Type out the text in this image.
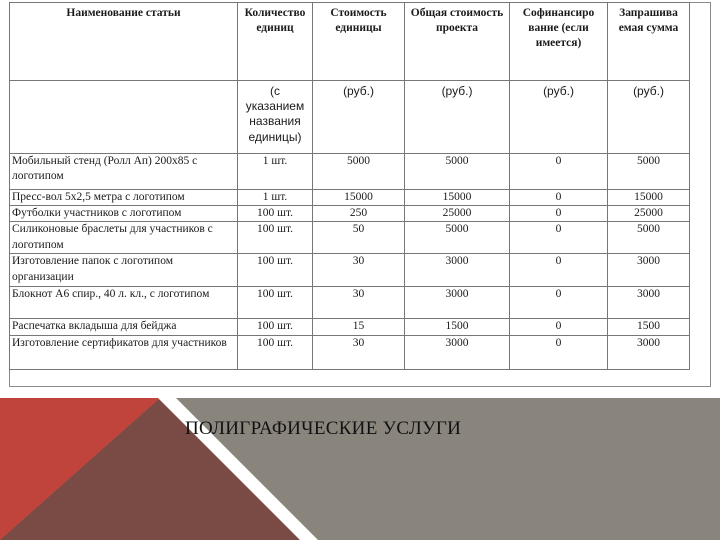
Наименование статьи	Количество единиц	Стоимость единицы	Общая стоимость проекта	Софинансиро вание (если имеется)	Запрашива емая сумма
	(с указанием названия единицы)	(руб.)	(руб.)	(руб.)	(руб.)
Мобильный стенд (Ролл Ап) 200х85 с логотипом	1 шт.	5000	5000	0	5000
Пресс-вол 5х2,5 метра с логотипом	1 шт.	15000	15000	0	15000
Футболки участников с логотипом	100 шт.	250	25000	0	25000
Силиконовые браслеты для участников с логотипом	100 шт.	50	5000	0	5000
Изготовление папок с логотипом организации	100 шт.	30	3000	0	3000
Блокнот А6 спир., 40 л. кл., с логотипом	100 шт.	30	3000	0	3000
Распечатка вкладыша для бейджа	100 шт.	15	1500	0	1500
Изготовление сертификатов для участников	100 шт.	30	3000	0	3000
ПОЛИГРАФИЧЕСКИЕ УСЛУГИ
